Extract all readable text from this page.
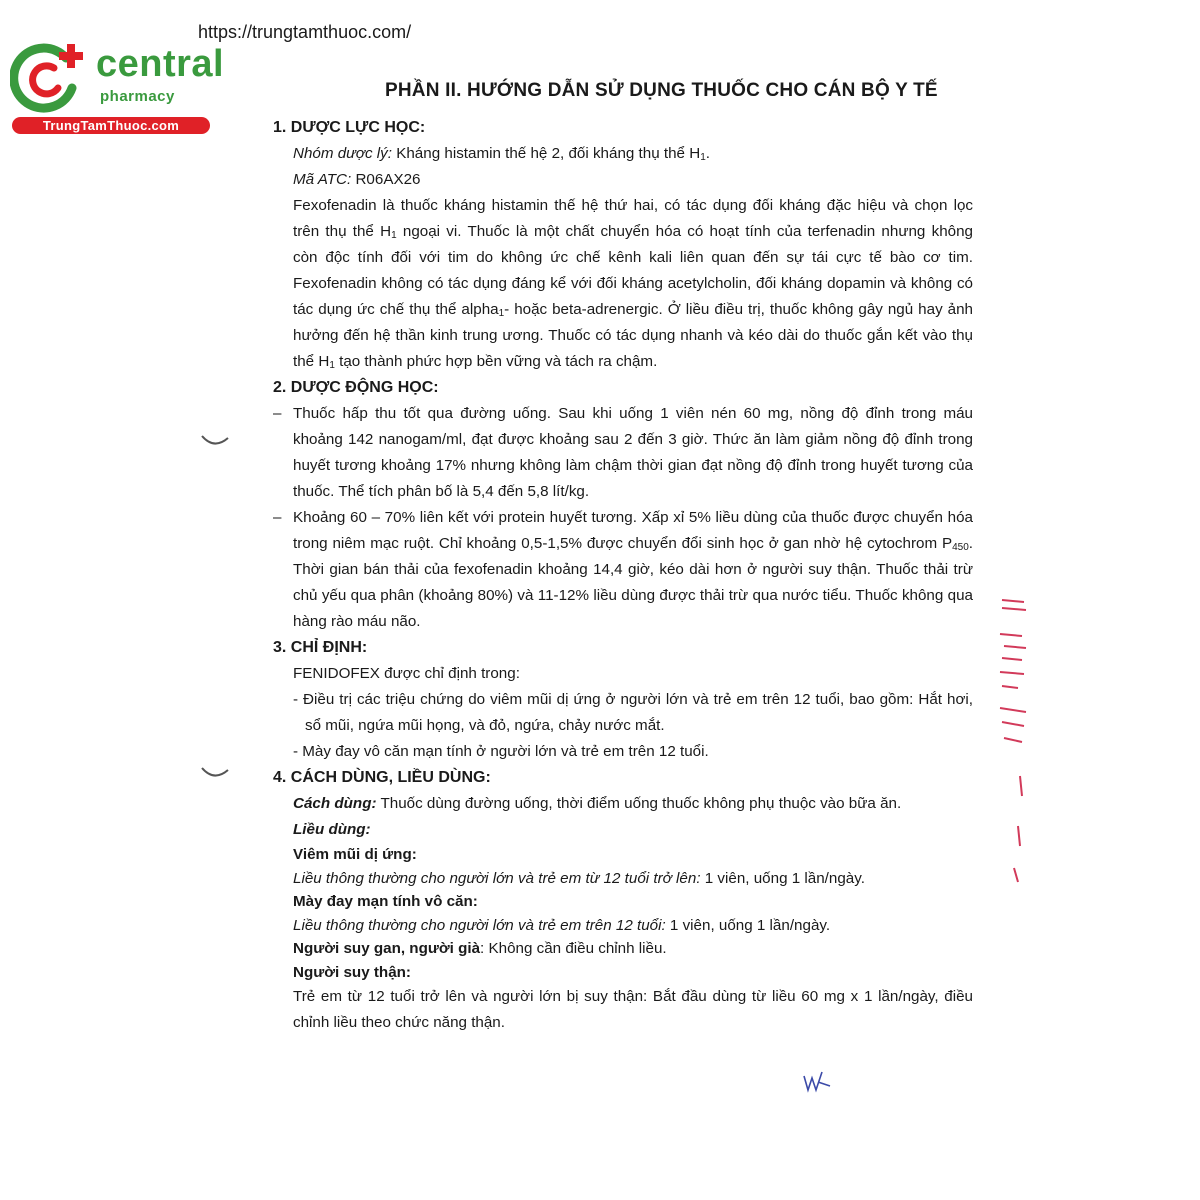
https://trungtamthuoc.com/
central
pharmacy
TrungTamThuoc.com
PHẦN II. HƯỚNG DẪN SỬ DỤNG THUỐC CHO CÁN BỘ Y TẾ
1. DƯỢC LỰC HỌC:
Nhóm dược lý: Kháng histamin thế hệ 2, đối kháng thụ thể $H_1$.
Mã ATC: R06AX26
Fexofenadin là thuốc kháng histamin thế hệ thứ hai, có tác dụng đối kháng đặc hiệu và chọn lọc
trên thụ thể $H_1$ ngoại vi. Thuốc là một chất chuyển hóa có hoạt tính của terfenadin nhưng không
còn độc tính đối với tim do không ức chế kênh kali liên quan đến sự tái cực tế bào cơ tim.
Fexofenadin không có tác dụng đáng kể với đối kháng acetylcholin, đối kháng dopamin và không có
tác dụng ức chế thụ thể alpha$_1$- hoặc beta-adrenergic. Ở liều điều trị, thuốc không gây ngủ hay ảnh
hưởng đến hệ thần kinh trung ương. Thuốc có tác dụng nhanh và kéo dài do thuốc gắn kết vào thụ
thể $H_1$ tạo thành phức hợp bền vững và tách ra chậm.
2. DƯỢC ĐỘNG HỌC:
– Thuốc hấp thu tốt qua đường uống. Sau khi uống 1 viên nén 60 mg, nồng độ đỉnh trong máu
khoảng 142 nanogam/ml, đạt được khoảng sau 2 đến 3 giờ. Thức ăn làm giảm nồng độ đỉnh trong
huyết tương khoảng 17% nhưng không làm chậm thời gian đạt nồng độ đỉnh trong huyết tương của
thuốc. Thể tích phân bố là 5,4 đến 5,8 lít/kg.
– Khoảng 60 – 70% liên kết với protein huyết tương. Xấp xỉ 5% liều dùng của thuốc được chuyển hóa
trong niêm mạc ruột. Chỉ khoảng 0,5-1,5% được chuyển đổi sinh học ở gan nhờ hệ cytochrom $P_{450}$.
Thời gian bán thải của fexofenadin khoảng 14,4 giờ, kéo dài hơn ở người suy thận. Thuốc thải trừ
chủ yếu qua phân (khoảng 80%) và 11-12% liều dùng được thải trừ qua nước tiểu. Thuốc không qua
hàng rào máu não.
3. CHỈ ĐỊNH:
FENIDOFEX được chỉ định trong:
- Điều trị các triệu chứng do viêm mũi dị ứng ở người lớn và trẻ em trên 12 tuổi, bao gồm: Hắt hơi,
sổ mũi, ngứa mũi họng, và đỏ, ngứa, chảy nước mắt.
- Mày đay vô căn mạn tính ở người lớn và trẻ em trên 12 tuổi.
4. CÁCH DÙNG, LIỀU DÙNG:
Cách dùng: Thuốc dùng đường uống, thời điểm uống thuốc không phụ thuộc vào bữa ăn.
Liều dùng:
Viêm mũi dị ứng:
Liều thông thường cho người lớn và trẻ em từ 12 tuổi trở lên: 1 viên, uống 1 lần/ngày.
Mày đay mạn tính vô căn:
Liều thông thường cho người lớn và trẻ em trên 12 tuổi: 1 viên, uống 1 lần/ngày.
Người suy gan, người già: Không cần điều chỉnh liều.
Người suy thận:
Trẻ em từ 12 tuổi trở lên và người lớn bị suy thận: Bắt đầu dùng từ liều 60 mg x 1 lần/ngày, điều
chỉnh liều theo chức năng thận.
